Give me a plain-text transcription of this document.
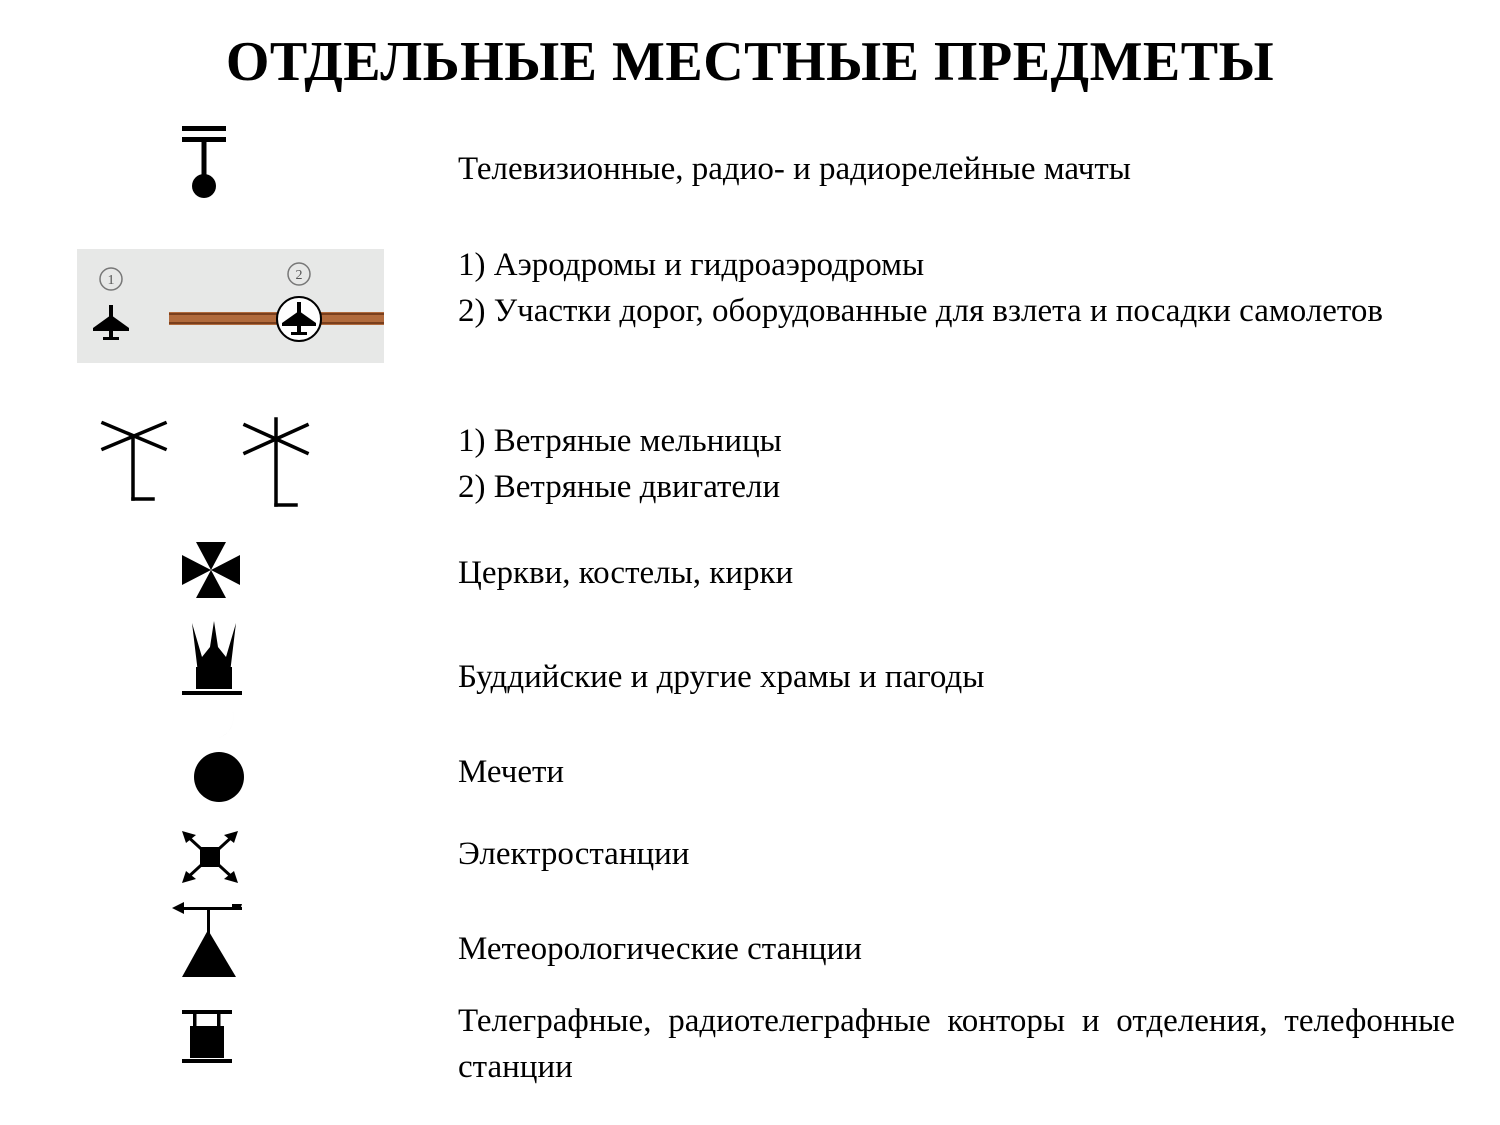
ОТДЕЛЬНЫЕ МЕСТНЫЕ ПРЕДМЕТЫ
Телевизионные, радио- и радиорелейные мачты
1	2	1) Аэродромы и гидроаэродромы
2) Участки дорог, оборудованные для взлета и посадки самолетов
1) Ветряные мельницы
2) Ветряные двигатели
Церкви, костелы, кирки
Буддийские и другие храмы и пагоды
Мечети
Электростанции
Метеорологические станции
Телеграфные, радиотелеграфные конторы и отделения, телефонные станции
